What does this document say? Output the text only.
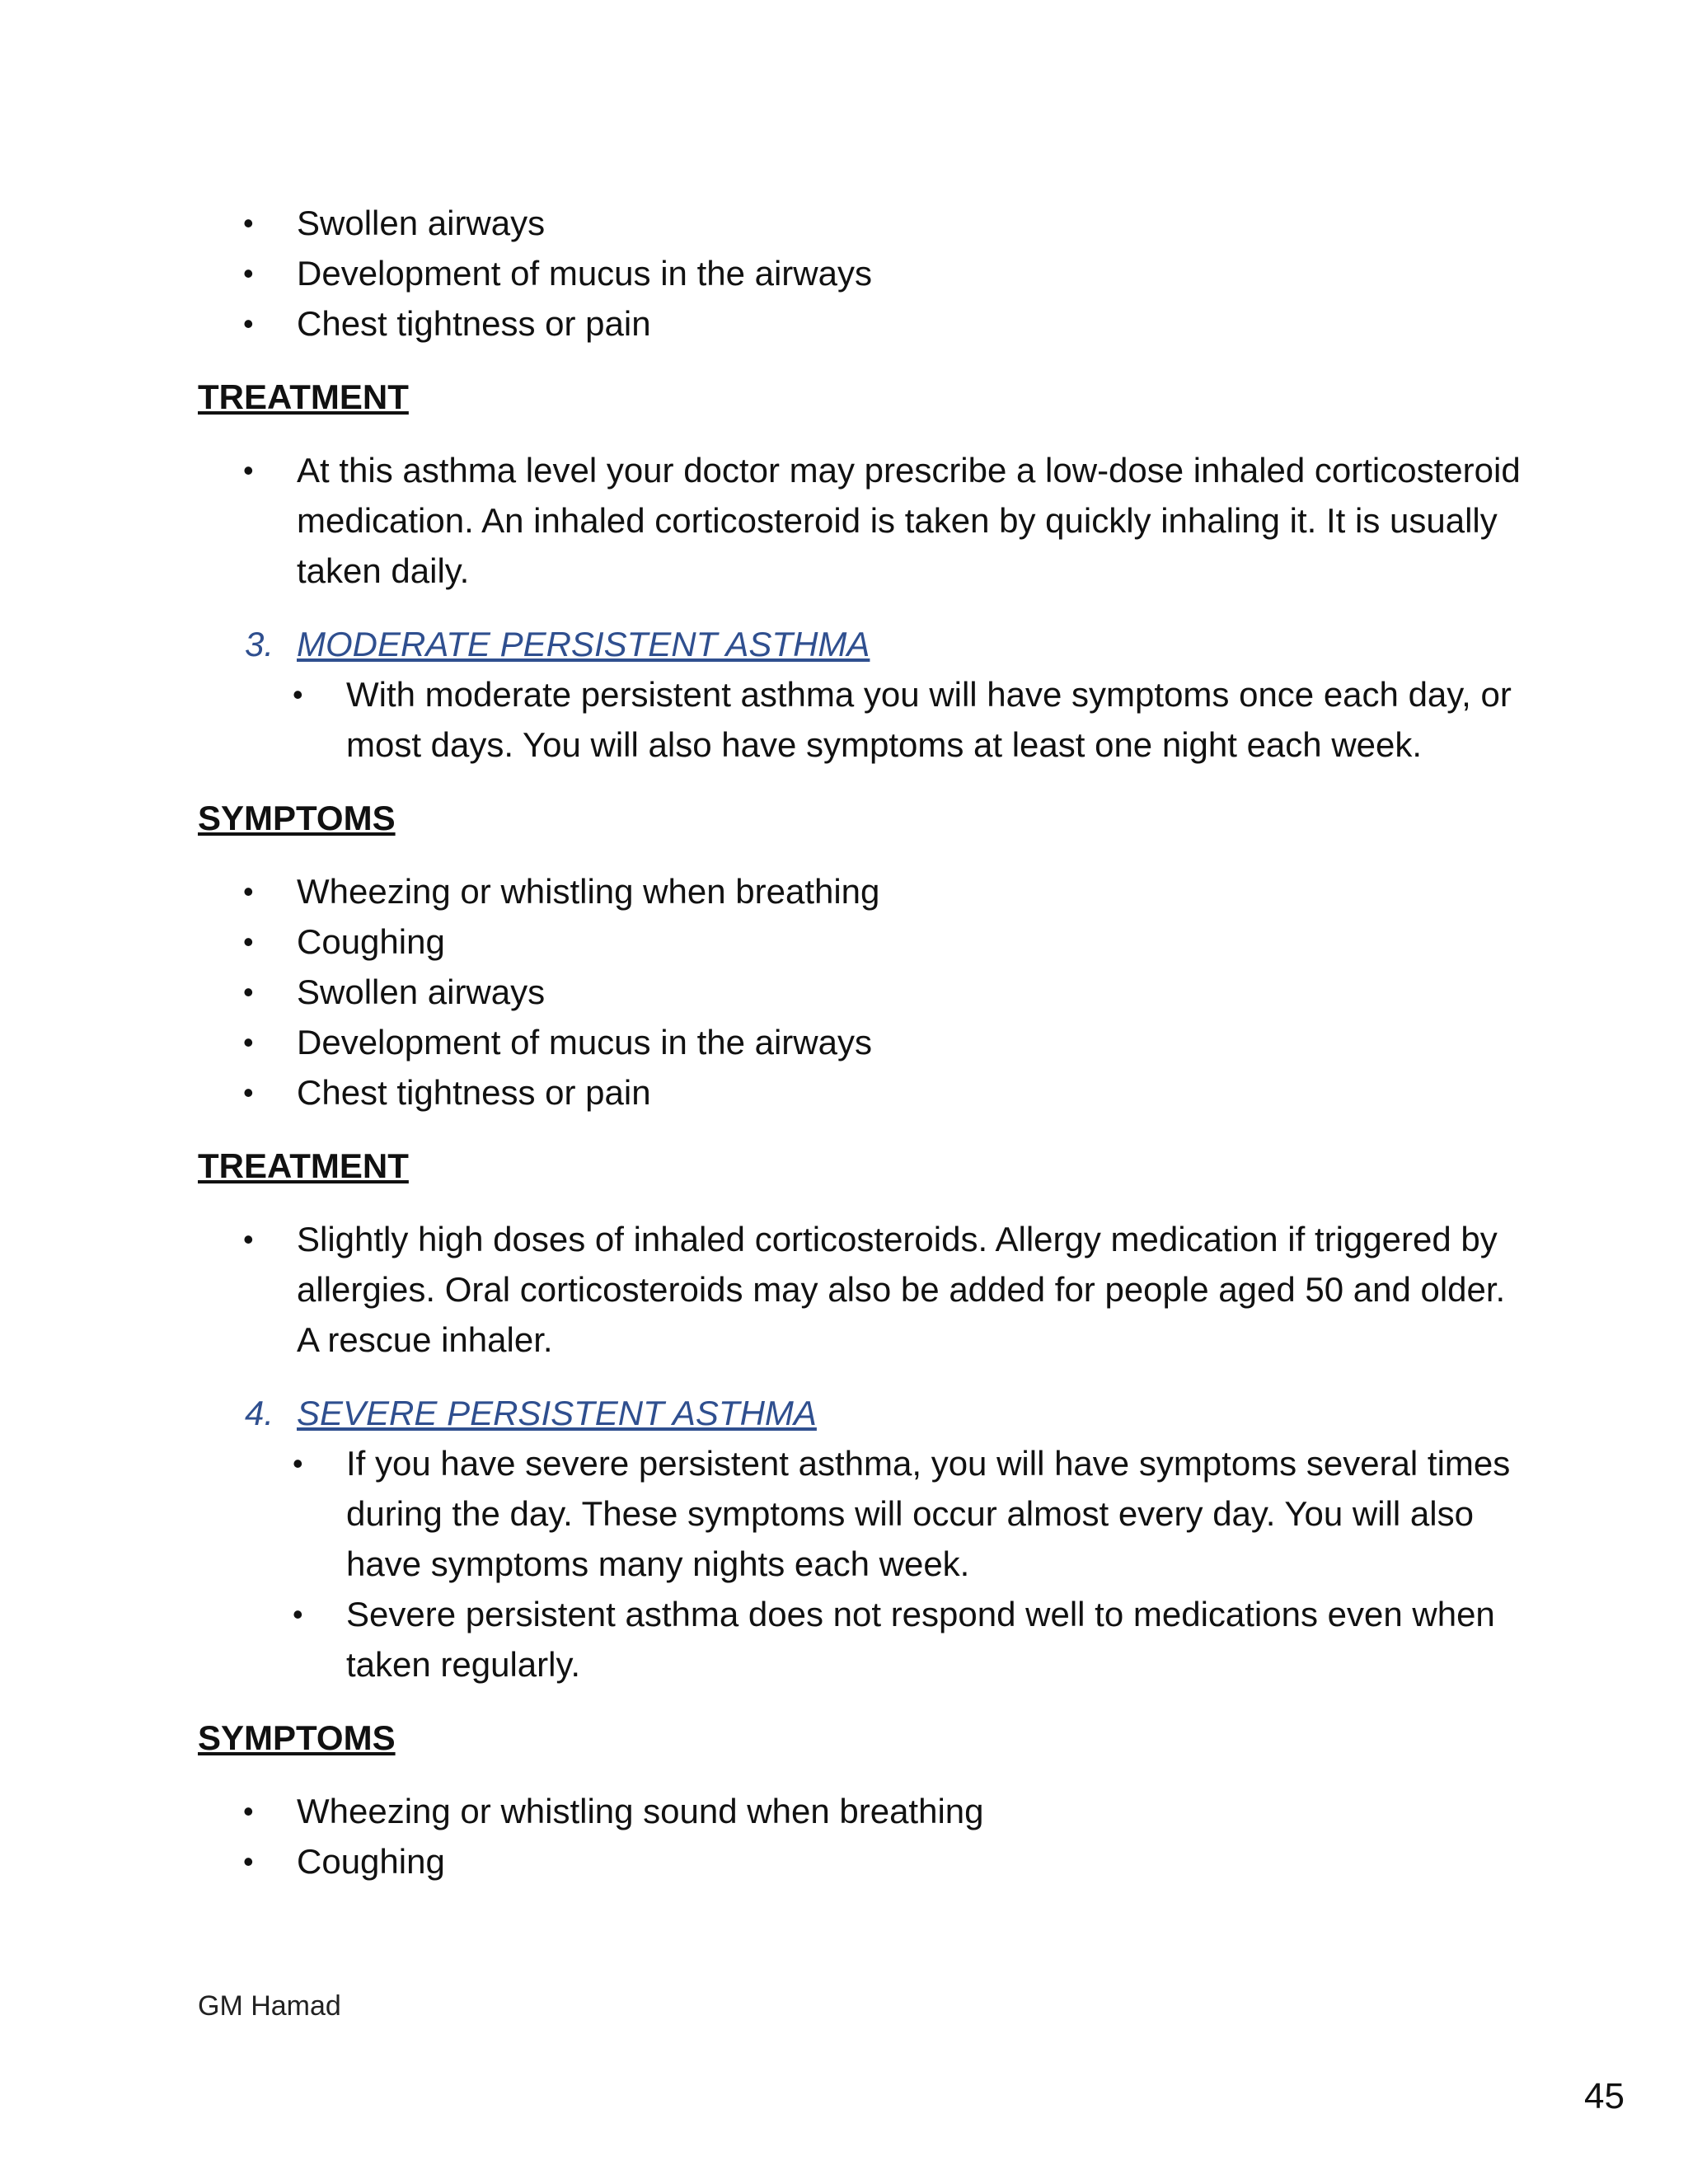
• Swollen airways
• Development of mucus in the airways
• Chest tightness or pain
TREATMENT
• At this asthma level your doctor may prescribe a low-dose inhaled corticosteroid medication. An inhaled corticosteroid is taken by quickly inhaling it. It is usually taken daily.
3. MODERATE PERSISTENT ASTHMA
• With moderate persistent asthma you will have symptoms once each day, or most days. You will also have symptoms at least one night each week.
SYMPTOMS
• Wheezing or whistling when breathing
• Coughing
• Swollen airways
• Development of mucus in the airways
• Chest tightness or pain
TREATMENT
• Slightly high doses of inhaled corticosteroids. Allergy medication if triggered by allergies. Oral corticosteroids may also be added for people aged 50 and older. A rescue inhaler.
4. SEVERE PERSISTENT ASTHMA
• If you have severe persistent asthma, you will have symptoms several times during the day. These symptoms will occur almost every day. You will also have symptoms many nights each week.
• Severe persistent asthma does not respond well to medications even when taken regularly.
SYMPTOMS
• Wheezing or whistling sound when breathing
• Coughing
GM Hamad
45
